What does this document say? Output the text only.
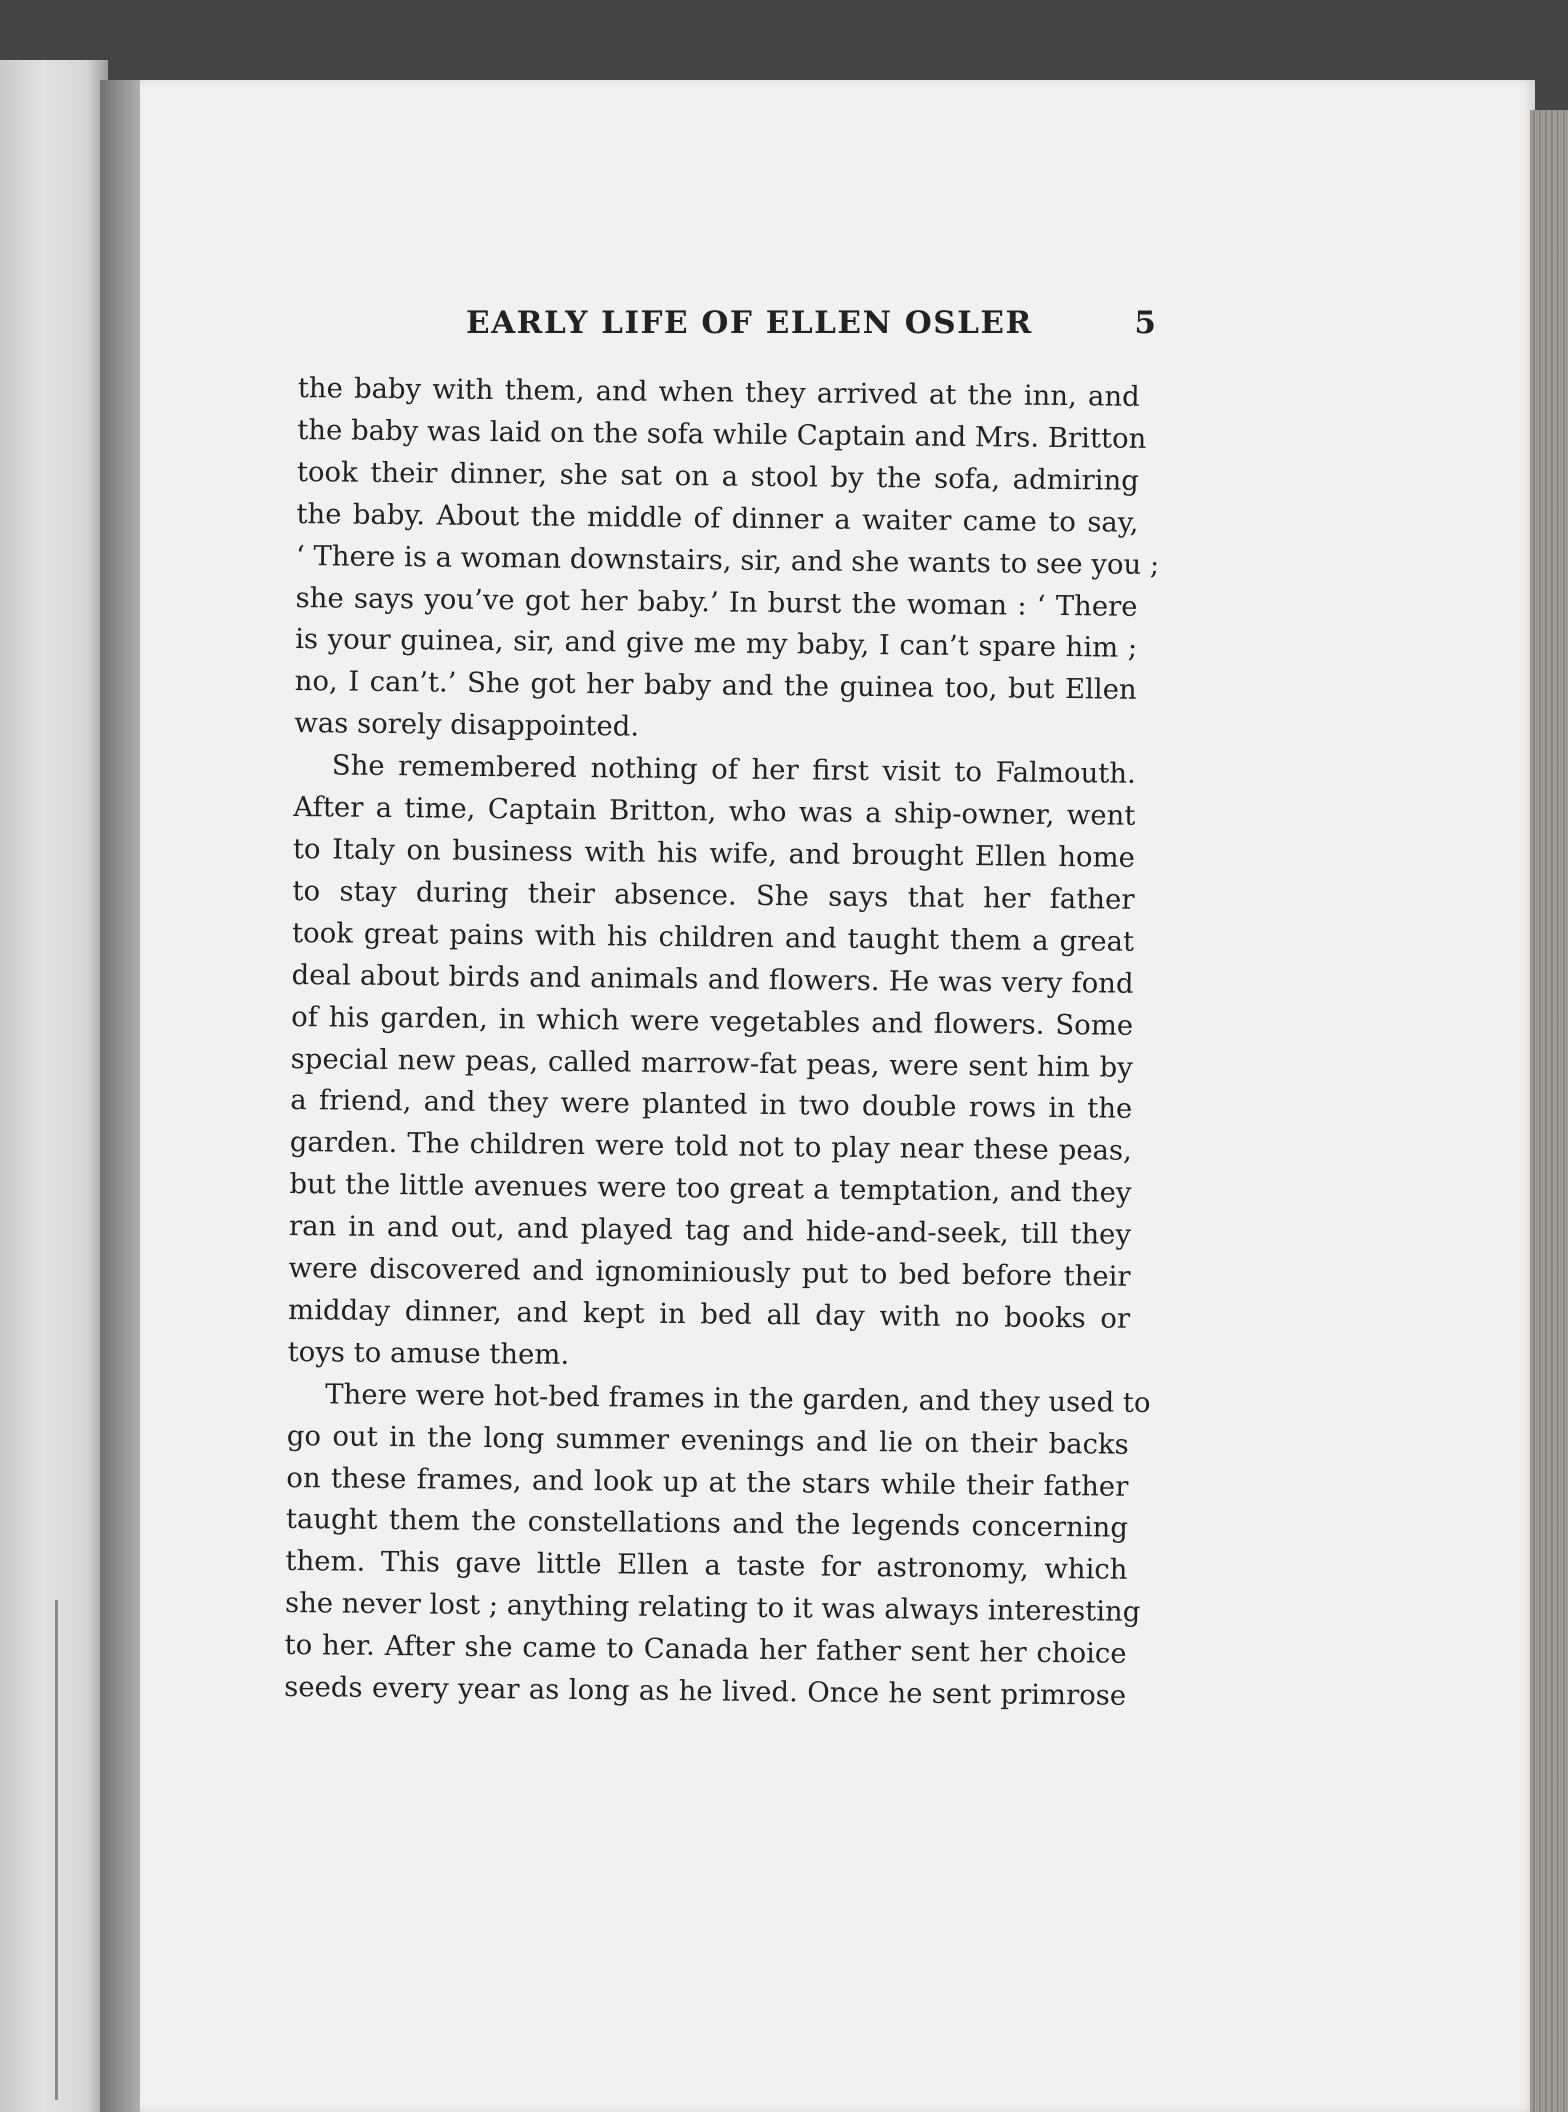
EARLY LIFE OF ELLEN OSLER	5

the baby with them, and when they arrived at the inn, and
the baby was laid on the sofa while Captain and Mrs. Britton
took their dinner, she sat on a stool by the sofa, admiring
the baby. About the middle of dinner a waiter came to say,
‘ There is a woman downstairs, sir, and she wants to see you ;
she says you’ve got her baby.’ In burst the woman : ‘ There
is your guinea, sir, and give me my baby, I can’t spare him ;
no, I can’t.’ She got her baby and the guinea too, but Ellen
was sorely disappointed.

She remembered nothing of her first visit to Falmouth.
After a time, Captain Britton, who was a ship-owner, went
to Italy on business with his wife, and brought Ellen home
to stay during their absence. She says that her father
took great pains with his children and taught them a great
deal about birds and animals and flowers. He was very fond
of his garden, in which were vegetables and flowers. Some
special new peas, called marrow-fat peas, were sent him by
a friend, and they were planted in two double rows in the
garden. The children were told not to play near these peas,
but the little avenues were too great a temptation, and they
ran in and out, and played tag and hide-and-seek, till they
were discovered and ignominiously put to bed before their
midday dinner, and kept in bed all day with no books or
toys to amuse them.

There were hot-bed frames in the garden, and they used to
go out in the long summer evenings and lie on their backs
on these frames, and look up at the stars while their father
taught them the constellations and the legends concerning
them. This gave little Ellen a taste for astronomy, which
she never lost ; anything relating to it was always interesting
to her. After she came to Canada her father sent her choice
seeds every year as long as he lived. Once he sent primrose
